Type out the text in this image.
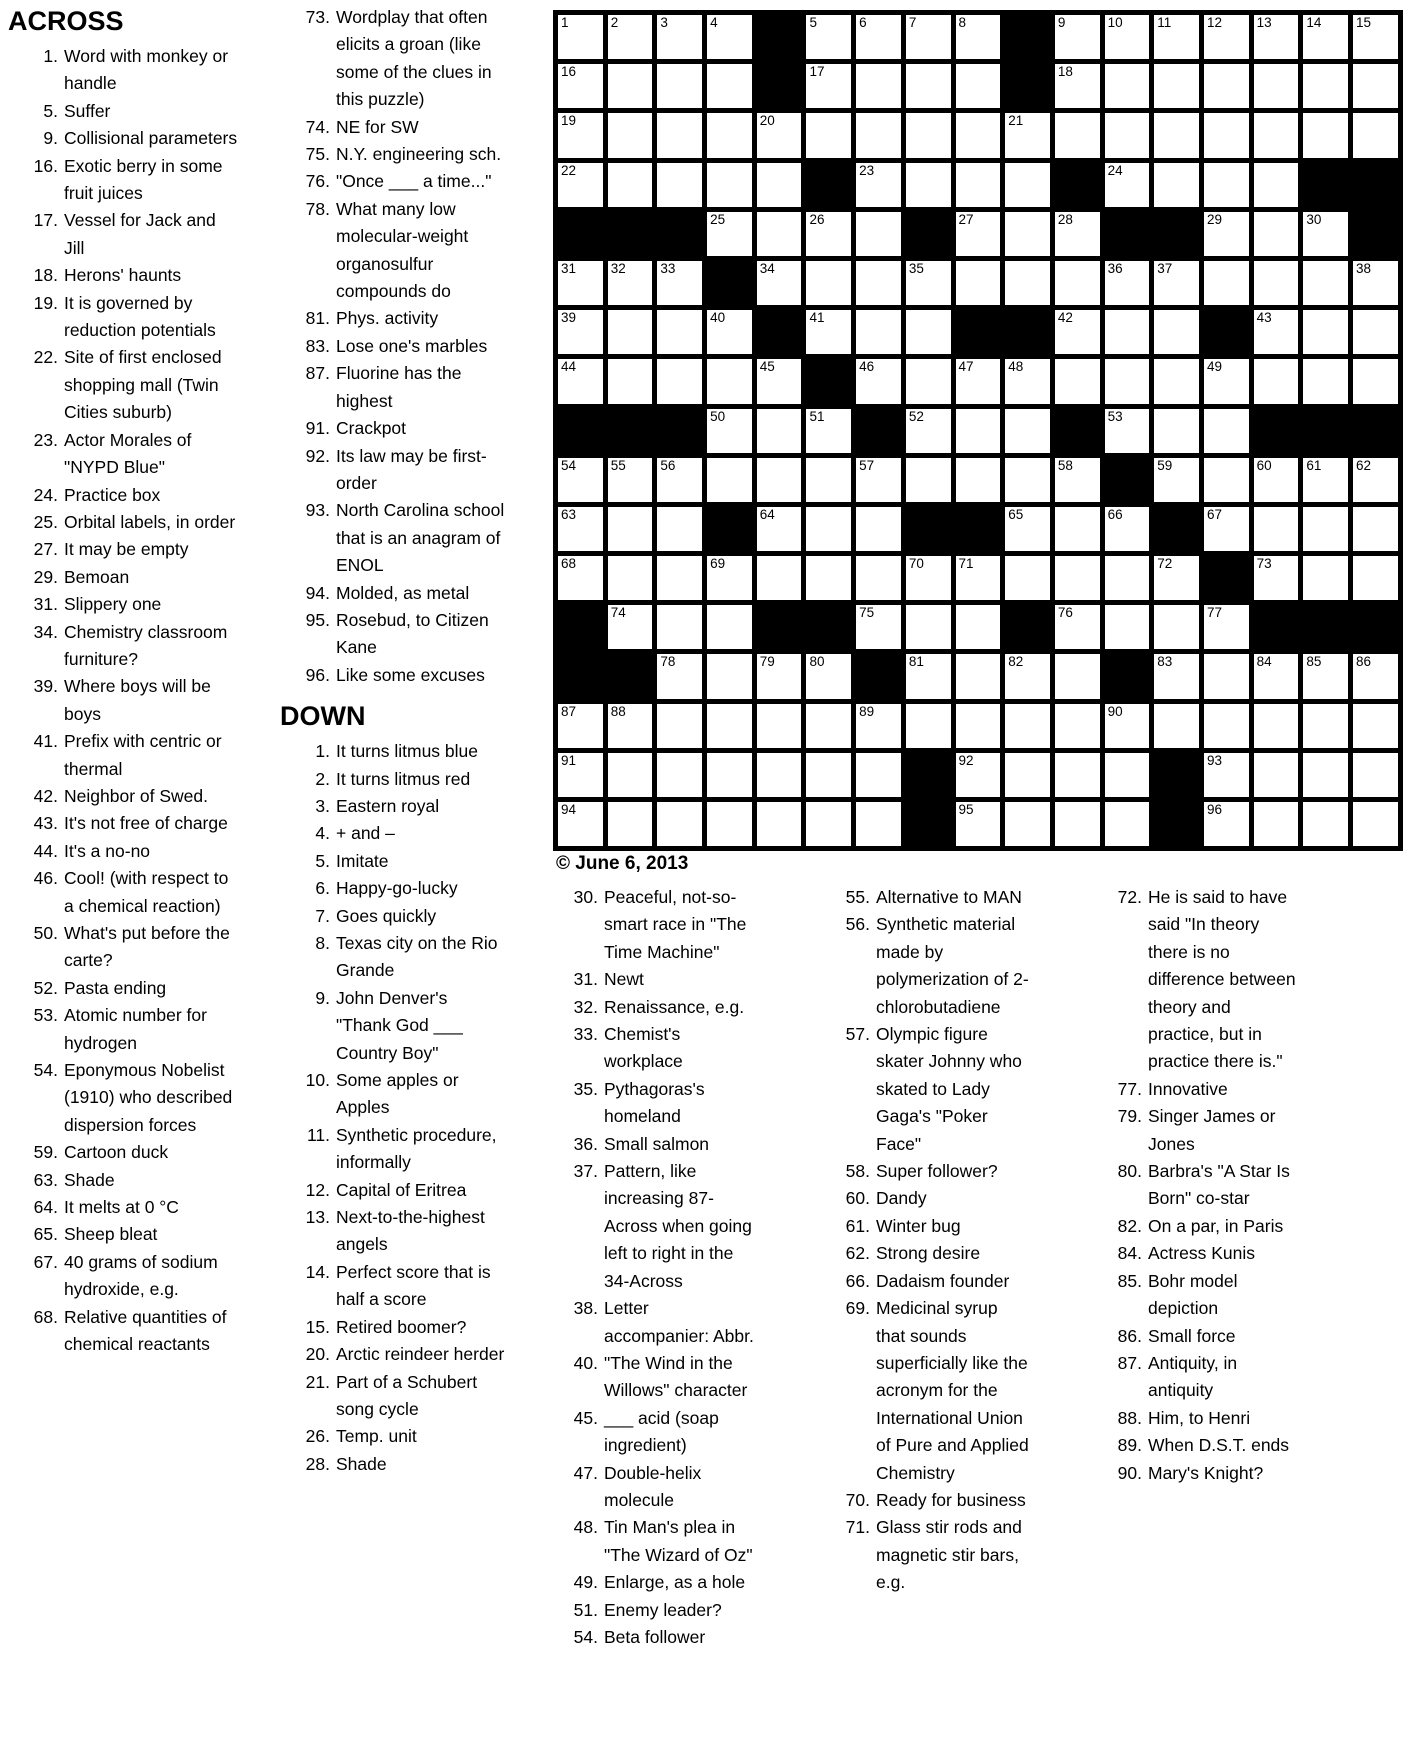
ACROSS
1. Word with monkey or handle
5. Suffer
9. Collisional parameters
16. Exotic berry in some fruit juices
17. Vessel for Jack and Jill
18. Herons' haunts
19. It is governed by reduction potentials
22. Site of first enclosed shopping mall (Twin Cities suburb)
23. Actor Morales of "NYPD Blue"
24. Practice box
25. Orbital labels, in order
27. It may be empty
29. Bemoan
31. Slippery one
34. Chemistry classroom furniture?
39. Where boys will be boys
41. Prefix with centric or thermal
42. Neighbor of Swed.
43. It's not free of charge
44. It's a no-no
46. Cool! (with respect to a chemical reaction)
50. What's put before the carte?
52. Pasta ending
53. Atomic number for hydrogen
54. Eponymous Nobelist (1910) who described dispersion forces
59. Cartoon duck
63. Shade
64. It melts at 0 °C
65. Sheep bleat
67. 40 grams of sodium hydroxide, e.g.
68. Relative quantities of chemical reactants
73. Wordplay that often elicits a groan (like some of the clues in this puzzle)
74. NE for SW
75. N.Y. engineering sch.
76. "Once ___ a time..."
78. What many low molecular-weight organosulfur compounds do
81. Phys. activity
83. Lose one's marbles
87. Fluorine has the highest
91. Crackpot
92. Its law may be first-order
93. North Carolina school that is an anagram of ENOL
94. Molded, as metal
95. Rosebud, to Citizen Kane
96. Like some excuses
DOWN
1. It turns litmus blue
2. It turns litmus red
3. Eastern royal
4. + and –
5. Imitate
6. Happy-go-lucky
7. Goes quickly
8. Texas city on the Rio Grande
9. John Denver's "Thank God ___ Country Boy"
10. Some apples or Apples
11. Synthetic procedure, informally
12. Capital of Eritrea
13. Next-to-the-highest angels
14. Perfect score that is half a score
15. Retired boomer?
20. Arctic reindeer herder
21. Part of a Schubert song cycle
26. Temp. unit
28. Shade
1	2	3	4	5	6	7	8	9	10	11	12	13	14	15
16	17	18
19	20	21
22	23	24
25	26	27	28	29	30
31	32	33	34	35	36	37	38
39	40	41	42	43
44	45	46	47	48	49
50	51	52	53
54	55	56	57	58	59	60	61	62
63	64	65	66	67
68	69	70	71	72	73
74	75	76	77
78	79	80	81	82	83	84	85	86
87	88	89	90
91	92	93
94	95	96
© June 6, 2013
30. Peaceful, not-so-smart race in "The Time Machine"
31. Newt
32. Renaissance, e.g.
33. Chemist's workplace
35. Pythagoras's homeland
36. Small salmon
37. Pattern, like increasing 87-Across when going left to right in the 34-Across
38. Letter accompanier: Abbr.
40. "The Wind in the Willows" character
45. ___ acid (soap ingredient)
47. Double-helix molecule
48. Tin Man's plea in "The Wizard of Oz"
49. Enlarge, as a hole
51. Enemy leader?
54. Beta follower
55. Alternative to MAN
56. Synthetic material made by polymerization of 2-chlorobutadiene
57. Olympic figure skater Johnny who skated to Lady Gaga's "Poker Face"
58. Super follower?
60. Dandy
61. Winter bug
62. Strong desire
66. Dadaism founder
69. Medicinal syrup that sounds superficially like the acronym for the International Union of Pure and Applied Chemistry
70. Ready for business
71. Glass stir rods and magnetic stir bars, e.g.
72. He is said to have said "In theory there is no difference between theory and practice, but in practice there is."
77. Innovative
79. Singer James or Jones
80. Barbra's "A Star Is Born" co-star
82. On a par, in Paris
84. Actress Kunis
85. Bohr model depiction
86. Small force
87. Antiquity, in antiquity
88. Him, to Henri
89. When D.S.T. ends
90. Mary's Knight?
